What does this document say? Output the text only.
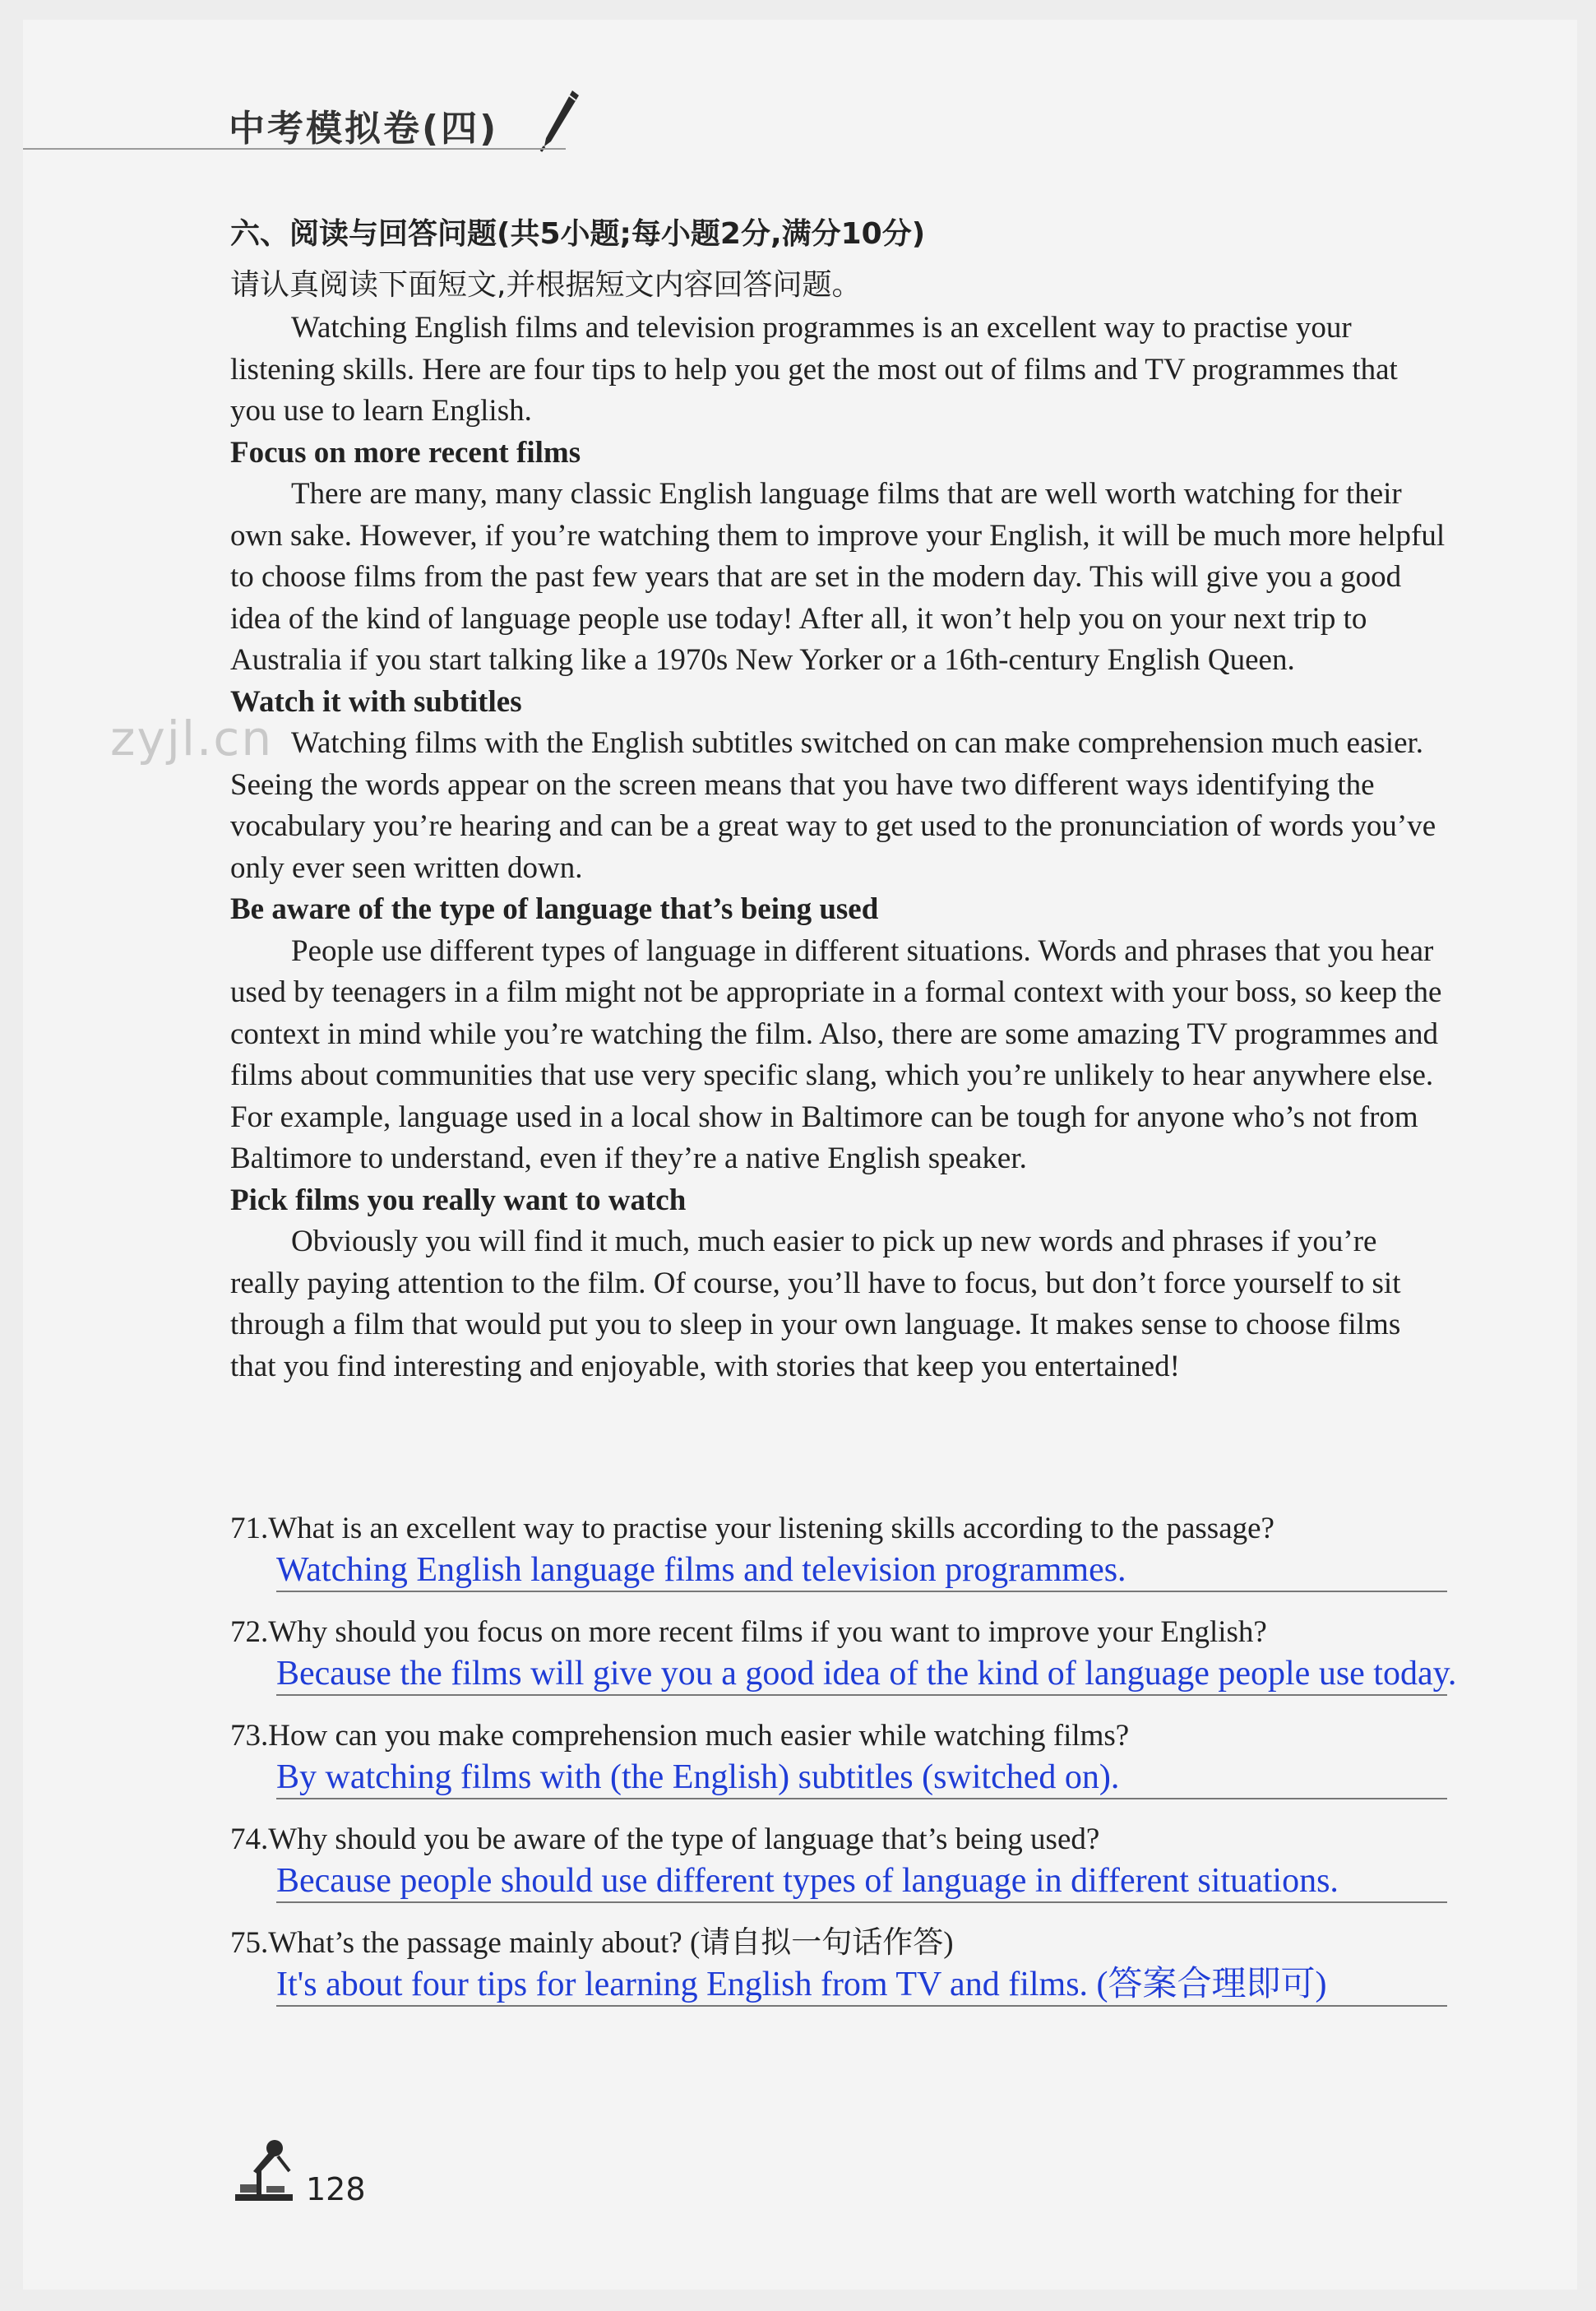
中考模拟卷(四)
六、阅读与回答问题(共5小题;每小题2分,满分10分)
请认真阅读下面短文,并根据短文内容回答问题。
zyjl.cn

Watching English films and television programmes is an excellent way to practise your listening skills. Here are four tips to help you get the most out of films and TV programmes that you use to learn English.

Focus on more recent films

There are many, many classic English language films that are well worth watching for their own sake. However, if you’re watching them to improve your English, it will be much more helpful to choose films from the past few years that are set in the modern day. This will give you a good idea of the kind of language people use today! After all, it won’t help you on your next trip to Australia if you start talking like a 1970s New Yorker or a 16th-century English Queen.

Watch it with subtitles

Watching films with the English subtitles switched on can make comprehension much easier. Seeing the words appear on the screen means that you have two different ways identifying the vocabulary you’re hearing and can be a great way to get used to the pronunciation of words you’ve only ever seen written down.

Be aware of the type of language that’s being used

People use different types of language in different situations. Words and phrases that you hear used by teenagers in a film might not be appropriate in a formal context with your boss, so keep the context in mind while you’re watching the film. Also, there are some amazing TV programmes and films about communities that use very specific slang, which you’re unlikely to hear anywhere else. For example, language used in a local show in Baltimore can be tough for anyone who’s not from Baltimore to understand, even if they’re a native English speaker.

Pick films you really want to watch

Obviously you will find it much, much easier to pick up new words and phrases if you’re really paying attention to the film. Of course, you’ll have to focus, but don’t force yourself to sit through a film that would put you to sleep in your own language. It makes sense to choose films that you find interesting and enjoyable, with stories that keep you entertained!

71.What is an excellent way to practise your listening skills according to the passage?
Watching English language films and television programmes.
72.Why should you focus on more recent films if you want to improve your English?
Because the films will give you a good idea of the kind of language people use today.
73.How can you make comprehension much easier while watching films?
By watching films with (the English) subtitles (switched on).
74.Why should you be aware of the type of language that’s being used?
Because people should use different types of language in different situations.
75.What’s the passage mainly about? (请自拟一句话作答)
It's about four tips for learning English from TV and films. (答案合理即可)
128
